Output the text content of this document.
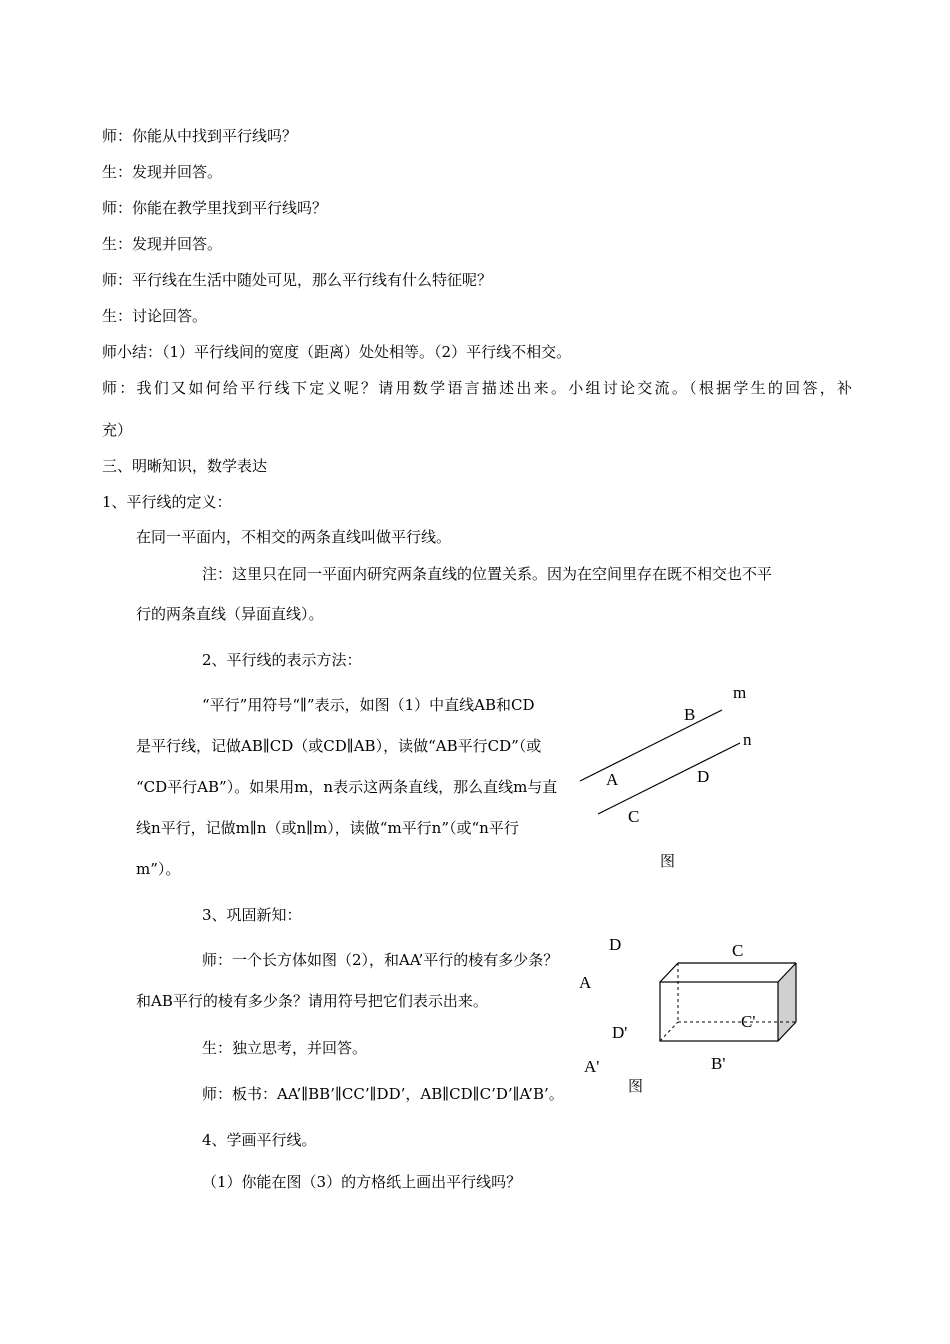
师：你能从中找到平行线吗？
生：发现并回答。
师：你能在教学里找到平行线吗？
生：发现并回答。
师：平行线在生活中随处可见，那么平行线有什么特征呢？
生：讨论回答。
师小结：（1）平行线间的宽度（距离）处处相等。（2）平行线不相交。
师：我们又如何给平行线下定义呢？请用数学语言描述出来。小组讨论交流。（根据学生的回答，补
充）
三、明晰知识，数学表达
1、平行线的定义：
在同一平面内，不相交的两条直线叫做平行线。
注：这里只在同一平面内研究两条直线的位置关系。因为在空间里存在既不相交也不平
行的两条直线（异面直线）。
2、平行线的表示方法：
“平行”用符号“∥”表示，如图（1）中直线AB和CD
是平行线，记做AB∥CD（或CD∥AB），读做“AB平行CD”（或
“CD平行AB”）。如果用m，n表示这两条直线，那么直线m与直
线n平行，记做m∥n（或n∥m），读做“m平行n”（或“n平行
m”）。
3、巩固新知：
师：一个长方体如图（2），和AA’平行的棱有多少条？
和AB平行的棱有多少条？请用符号把它们表示出来。
生：独立思考，并回答。
师：板书：AA’∥BB’∥CC’∥DD’，AB∥CD∥C’D’∥A’B’。
4、学画平行线。
（1）你能在图（3）的方格纸上画出平行线吗？
m
B
n
A	D
C
图
D	C
A
C'
D'
A'	B'
图
